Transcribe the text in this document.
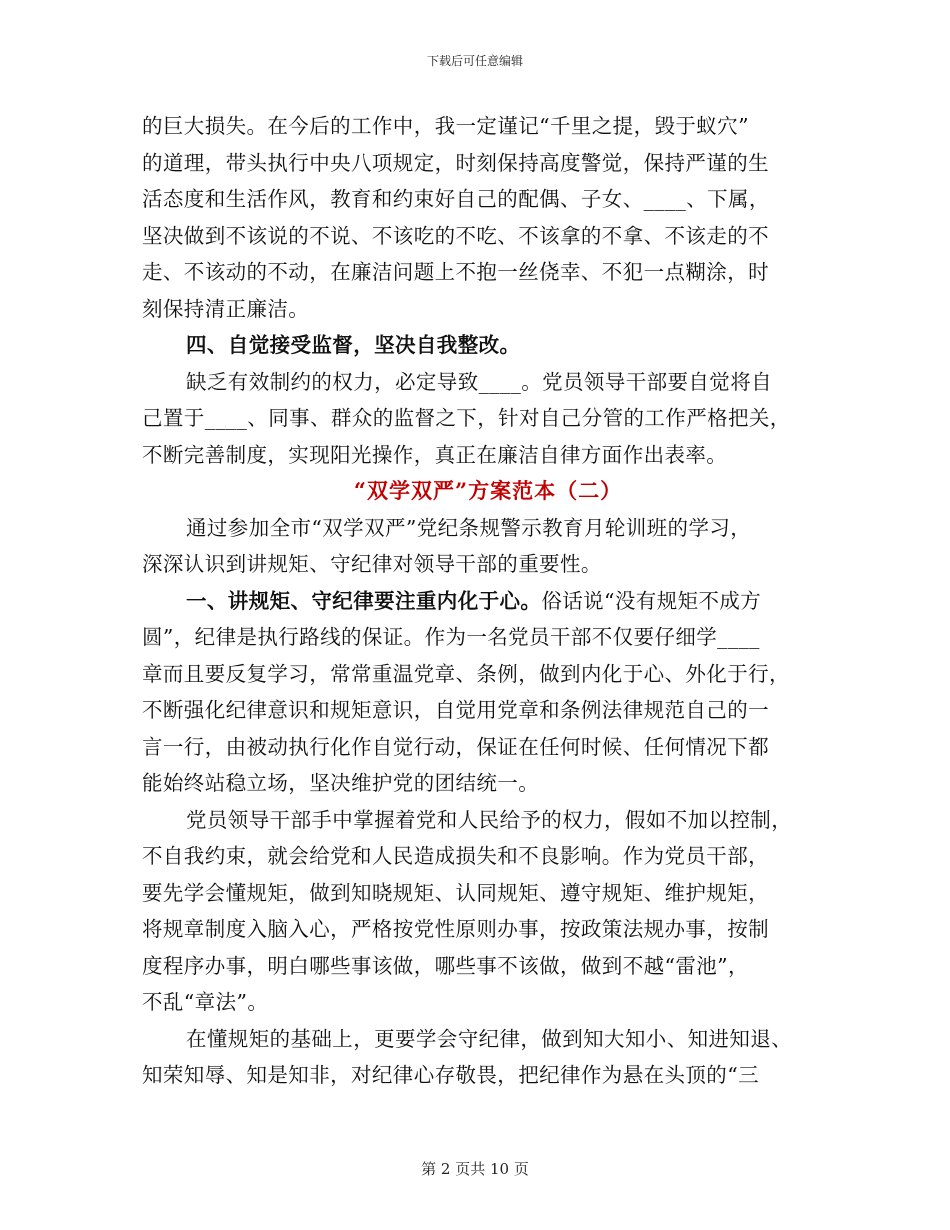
下载后可任意编辑
的巨大损失。在今后的工作中，我一定谨记“千里之提，毁于蚁穴”
的道理，带头执行中央八项规定，时刻保持高度警觉，保持严谨的生
活态度和生活作风，教育和约束好自己的配偶、子女、____、下属，
坚决做到不该说的不说、不该吃的不吃、不该拿的不拿、不该走的不
走、不该动的不动，在廉洁问题上不抱一丝侥幸、不犯一点糊涂，时
刻保持清正廉洁。
四、自觉接受监督，坚决自我整改。
缺乏有效制约的权力，必定导致____。党员领导干部要自觉将自
己置于____、同事、群众的监督之下，针对自己分管的工作严格把关，
不断完善制度，实现阳光操作，真正在廉洁自律方面作出表率。
“双学双严”方案范本（二）
通过参加全市“双学双严”党纪条规警示教育月轮训班的学习，
深深认识到讲规矩、守纪律对领导干部的重要性。
一、讲规矩、守纪律要注重内化于心。俗话说“没有规矩不成方
圆”，纪律是执行路线的保证。作为一名党员干部不仅要仔细学____
章而且要反复学习，常常重温党章、条例，做到内化于心、外化于行，
不断强化纪律意识和规矩意识，自觉用党章和条例法律规范自己的一
言一行，由被动执行化作自觉行动，保证在任何时候、任何情况下都
能始终站稳立场，坚决维护党的团结统一。
党员领导干部手中掌握着党和人民给予的权力，假如不加以控制，
不自我约束，就会给党和人民造成损失和不良影响。作为党员干部，
要先学会懂规矩，做到知晓规矩、认同规矩、遵守规矩、维护规矩，
将规章制度入脑入心，严格按党性原则办事，按政策法规办事，按制
度程序办事，明白哪些事该做，哪些事不该做，做到不越“雷池”，
不乱“章法”。
在懂规矩的基础上，更要学会守纪律，做到知大知小、知进知退、
知荣知辱、知是知非，对纪律心存敬畏，把纪律作为悬在头顶的“三
第 2 页共 10 页
